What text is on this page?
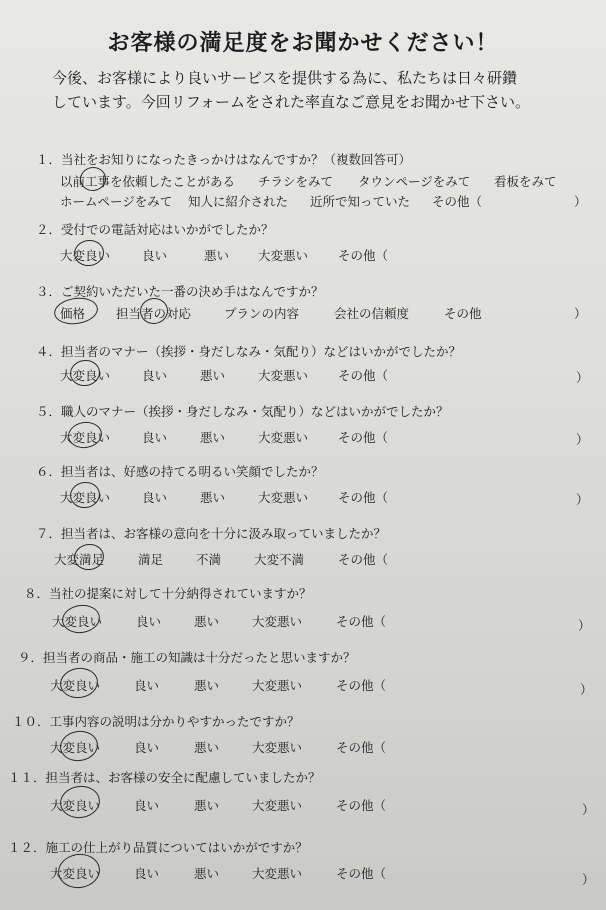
お客様の満足度をお聞かせください！
今後、お客様により良いサービスを提供する為に、私たちは日々研鑽
しています。今回リフォームをされた率直なご意見をお聞かせ下さい。
１．当社をお知りになったきっかけはなんですか？（複数回答可）
以前工事を依頼したことがある チラシをみて タウンページをみて 看板をみて
ホームページをみて 知人に紹介された 近所で知っていた その他（	）
２．受付での電話対応はいかがでしたか？
大変良い	良い	悪い 大変悪い その他（
３．ご契約いただいた一番の決め手はなんですか？
価格 担当者の対応	プランの内容	会社の信頼度	その他	）
４．担当者のマナー（挨拶・身だしなみ・気配り）などはいかがでしたか？
大変良い	良い	悪い	大変悪い その他（	）
５．職人のマナー（挨拶・身だしなみ・気配り）などはいかがでしたか？
大変良い	良い	悪い	大変悪い その他（	）
６．担当者は、好感の持てる明るい笑顔でしたか？
大変良い	良い	悪い	大変悪い その他（	）
７．担当者は、お客様の意向を十分に汲み取っていましたか？
大変満足	満足	不満	大変不満	その他（
８．当社の提案に対して十分納得されていますか？
大変良い	良い	悪い	大変悪い	その他（	）
９．担当者の商品・施工の知識は十分だったと思いますか？
大変良い	良い	悪い	大変悪い	その他（	）
１０．工事内容の説明は分かりやすかったですか？
大変良い	良い	悪い	大変悪い	その他（
１１．担当者は、お客様の安全に配慮していましたか？
大変良い	良い	悪い	大変悪い	その他（	）
１２．施工の仕上がり品質についてはいかがですか？
大変良い	良い	悪い	大変悪い	その他（	）
